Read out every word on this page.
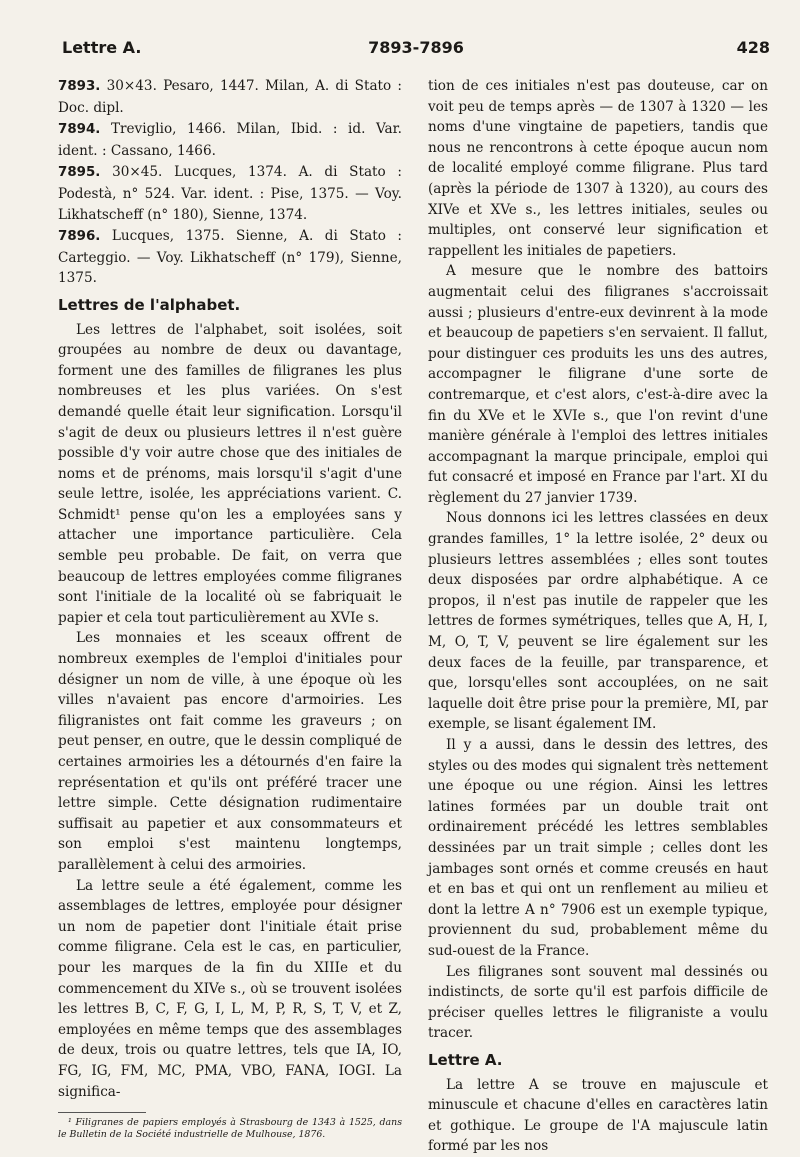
Lettre A.	7893-7896	428

7893. 30×43. Pesaro, 1447. Milan, A. di Stato : Doc. dipl.

7894. Treviglio, 1466. Milan, Ibid. : id. Var. ident. : Cassano, 1466.

7895. 30×45. Lucques, 1374. A. di Stato : Podestà, n° 524. Var. ident. : Pise, 1375. — Voy. Likhatscheff (n° 180), Sienne, 1374.

7896. Lucques, 1375. Sienne, A. di Stato : Carteggio. — Voy. Likhatscheff (n° 179), Sienne, 1375.

Lettres de l'alphabet.

Les lettres de l'alphabet, soit isolées, soit groupées au nombre de deux ou davantage, forment une des familles de filigranes les plus nombreuses et les plus variées. On s'est demandé quelle était leur signification. Lorsqu'il s'agit de deux ou plusieurs lettres il n'est guère possible d'y voir autre chose que des initiales de noms et de prénoms, mais lorsqu'il s'agit d'une seule lettre, isolée, les appréciations varient. C. Schmidt¹ pense qu'on les a employées sans y attacher une importance particulière. Cela semble peu probable. De fait, on verra que beaucoup de lettres employées comme filigranes sont l'initiale de la localité où se fabriquait le papier et cela tout particulièrement au XVIe s.

Les monnaies et les sceaux offrent de nombreux exemples de l'emploi d'initiales pour désigner un nom de ville, à une époque où les villes n'avaient pas encore d'armoiries. Les filigranistes ont fait comme les graveurs ; on peut penser, en outre, que le dessin compliqué de certaines armoiries les a détournés d'en faire la représentation et qu'ils ont préféré tracer une lettre simple. Cette désignation rudimentaire suffisait au papetier et aux consommateurs et son emploi s'est maintenu longtemps, parallèlement à celui des armoiries.

La lettre seule a été également, comme les assemblages de lettres, employée pour désigner un nom de papetier dont l'initiale était prise comme filigrane. Cela est le cas, en particulier, pour les marques de la fin du XIIIe et du commencement du XIVe s., où se trouvent isolées les lettres B, C, F, G, I, L, M, P, R, S, T, V, et Z, employées en même temps que des assemblages de deux, trois ou quatre lettres, tels que IA, IO, FG, IG, FM, MC, PMA, VBO, FANA, IOGI. La significa-

¹ Filigranes de papiers employés à Strasbourg de 1343 à 1525, dans le Bulletin de la Société industrielle de Mulhouse, 1876.

tion de ces initiales n'est pas douteuse, car on voit peu de temps après — de 1307 à 1320 — les noms d'une vingtaine de papetiers, tandis que nous ne rencontrons à cette époque aucun nom de localité employé comme filigrane. Plus tard (après la période de 1307 à 1320), au cours des XIVe et XVe s., les lettres initiales, seules ou multiples, ont conservé leur signification et rappellent les initiales de papetiers.

A mesure que le nombre des battoirs augmentait celui des filigranes s'accroissait aussi ; plusieurs d'entre-eux devinrent à la mode et beaucoup de papetiers s'en servaient. Il fallut, pour distinguer ces produits les uns des autres, accompagner le filigrane d'une sorte de contremarque, et c'est alors, c'est-à-dire avec la fin du XVe et le XVIe s., que l'on revint d'une manière générale à l'emploi des lettres initiales accompagnant la marque principale, emploi qui fut consacré et imposé en France par l'art. XI du règlement du 27 janvier 1739.

Nous donnons ici les lettres classées en deux grandes familles, 1° la lettre isolée, 2° deux ou plusieurs lettres assemblées ; elles sont toutes deux disposées par ordre alphabétique. A ce propos, il n'est pas inutile de rappeler que les lettres de formes symétriques, telles que A, H, I, M, O, T, V, peuvent se lire également sur les deux faces de la feuille, par transparence, et que, lorsqu'elles sont accouplées, on ne sait laquelle doit être prise pour la première, MI, par exemple, se lisant également IM.

Il y a aussi, dans le dessin des lettres, des styles ou des modes qui signalent très nettement une époque ou une région. Ainsi les lettres latines formées par un double trait ont ordinairement précédé les lettres semblables dessinées par un trait simple ; celles dont les jambages sont ornés et comme creusés en haut et en bas et qui ont un renflement au milieu et dont la lettre A n° 7906 est un exemple typique, proviennent du sud, probablement même du sud-ouest de la France.

Les filigranes sont souvent mal dessinés ou indistincts, de sorte qu'il est parfois difficile de préciser quelles lettres le filigraniste a voulu tracer.

Lettre A.

La lettre A se trouve en majuscule et minuscule et chacune d'elles en caractères latin et gothique. Le groupe de l'A majuscule latin formé par les nos
